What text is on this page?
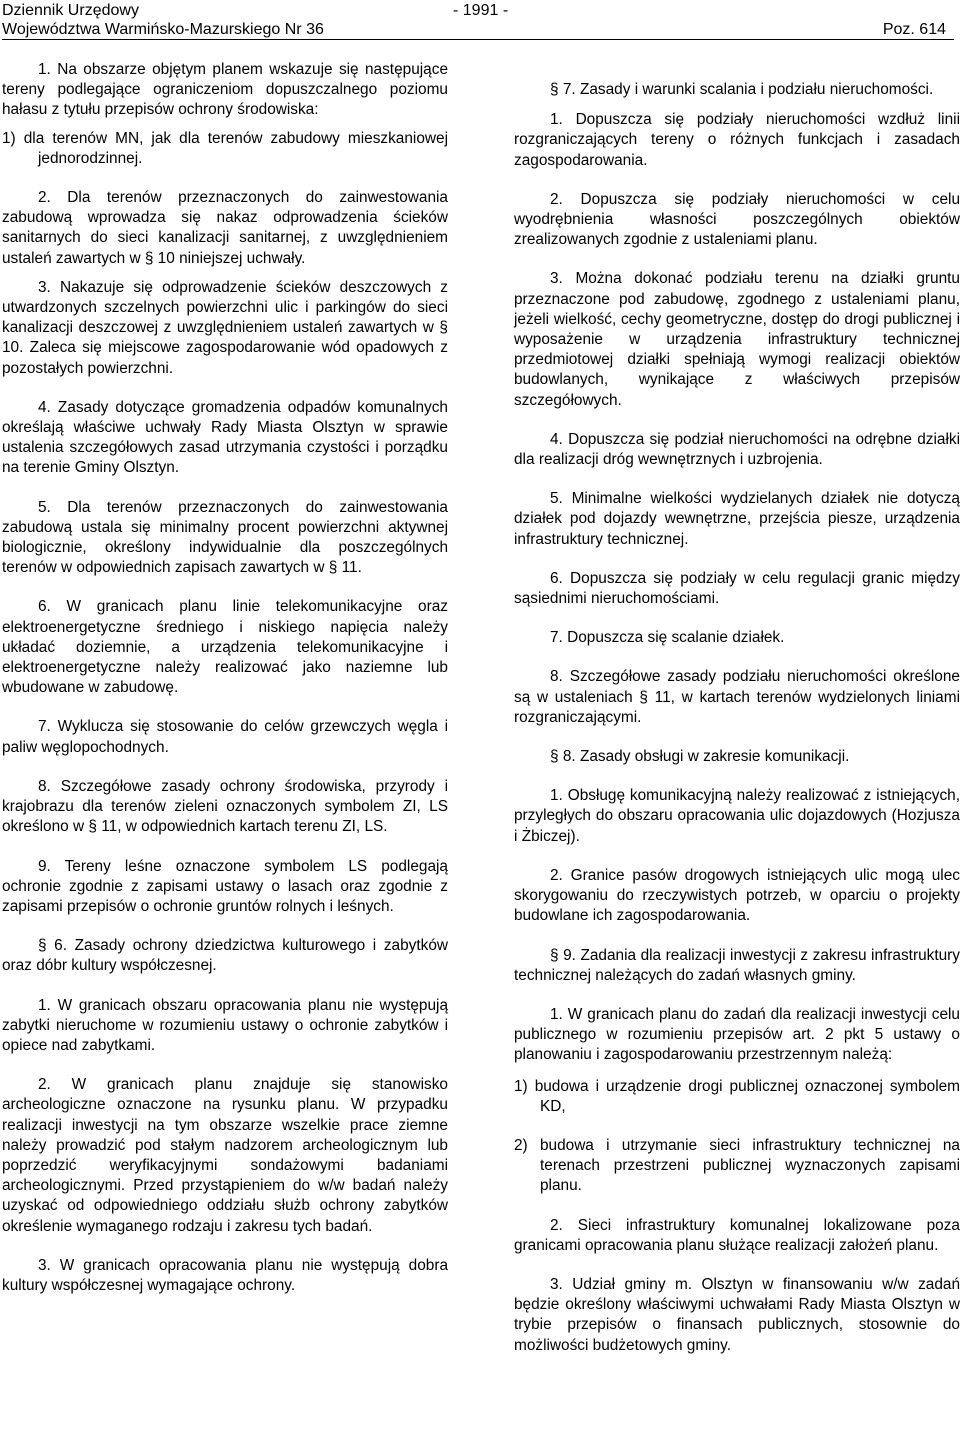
Dziennik Urzędowy	- 1991 -
Województwa Warmińsko-Mazurskiego Nr 36	Poz. 614

1. Na obszarze objętym planem wskazuje się następujące tereny podlegające ograniczeniom dopuszczalnego poziomu hałasu z tytułu przepisów ochrony środowiska:

1) dla terenów MN, jak dla terenów zabudowy mieszkaniowej jednorodzinnej.

2. Dla terenów przeznaczonych do zainwestowania zabudową wprowadza się nakaz odprowadzenia ścieków sanitarnych do sieci kanalizacji sanitarnej, z uwzględnieniem ustaleń zawartych w § 10 niniejszej uchwały.

3. Nakazuje się odprowadzenie ścieków deszczowych z utwardzonych szczelnych powierzchni ulic i parkingów do sieci kanalizacji deszczowej z uwzględnieniem ustaleń zawartych w § 10. Zaleca się miejscowe zagospodarowanie wód opadowych z pozostałych powierzchni.

4. Zasady dotyczące gromadzenia odpadów komunalnych określają właściwe uchwały Rady Miasta Olsztyn w sprawie ustalenia szczegółowych zasad utrzymania czystości i porządku na terenie Gminy Olsztyn.

5. Dla terenów przeznaczonych do zainwestowania zabudową ustala się minimalny procent powierzchni aktywnej biologicznie, określony indywidualnie dla poszczególnych terenów w odpowiednich zapisach zawartych w § 11.

6. W granicach planu linie telekomunikacyjne oraz elektroenergetyczne średniego i niskiego napięcia należy układać doziemnie, a urządzenia telekomunikacyjne i elektroenergetyczne należy realizować jako naziemne lub wbudowane w zabudowę.

7. Wyklucza się stosowanie do celów grzewczych węgla i paliw węglopochodnych.

8. Szczegółowe zasady ochrony środowiska, przyrody i krajobrazu dla terenów zieleni oznaczonych symbolem ZI, LS określono w § 11, w odpowiednich kartach terenu ZI, LS.

9. Tereny leśne oznaczone symbolem LS podlegają ochronie zgodnie z zapisami ustawy o lasach oraz zgodnie z zapisami przepisów o ochronie gruntów rolnych i leśnych.

§ 6. Zasady ochrony dziedzictwa kulturowego i zabytków oraz dóbr kultury współczesnej.

1. W granicach obszaru opracowania planu nie występują zabytki nieruchome w rozumieniu ustawy o ochronie zabytków i opiece nad zabytkami.

2. W granicach planu znajduje się stanowisko archeologiczne oznaczone na rysunku planu. W przypadku realizacji inwestycji na tym obszarze wszelkie prace ziemne należy prowadzić pod stałym nadzorem archeologicznym lub poprzedzić weryfikacyjnymi sondażowymi badaniami archeologicznymi. Przed przystąpieniem do w/w badań należy uzyskać od odpowiedniego oddziału służb ochrony zabytków określenie wymaganego rodzaju i zakresu tych badań.

3. W granicach opracowania planu nie występują dobra kultury współczesnej wymagające ochrony.

§ 7. Zasady i warunki scalania i podziału nieruchomości.

1. Dopuszcza się podziały nieruchomości wzdłuż linii rozgraniczających tereny o różnych funkcjach i zasadach zagospodarowania.

2. Dopuszcza się podziały nieruchomości w celu wyodrębnienia własności poszczególnych obiektów zrealizowanych zgodnie z ustaleniami planu.

3. Można dokonać podziału terenu na działki gruntu przeznaczone pod zabudowę, zgodnego z ustaleniami planu, jeżeli wielkość, cechy geometryczne, dostęp do drogi publicznej i wyposażenie w urządzenia infrastruktury technicznej przedmiotowej działki spełniają wymogi realizacji obiektów budowlanych, wynikające z właściwych przepisów szczegółowych.

4. Dopuszcza się podział nieruchomości na odrębne działki dla realizacji dróg wewnętrznych i uzbrojenia.

5. Minimalne wielkości wydzielanych działek nie dotyczą działek pod dojazdy wewnętrzne, przejścia piesze, urządzenia infrastruktury technicznej.

6. Dopuszcza się podziały w celu regulacji granic między sąsiednimi nieruchomościami.

7. Dopuszcza się scalanie działek.

8. Szczegółowe zasady podziału nieruchomości określone są w ustaleniach § 11, w kartach terenów wydzielonych liniami rozgraniczającymi.

§ 8. Zasady obsługi w zakresie komunikacji.

1. Obsługę komunikacyjną należy realizować z istniejących, przyległych do obszaru opracowania ulic dojazdowych (Hozjusza i Żbiczej).

2. Granice pasów drogowych istniejących ulic mogą ulec skorygowaniu do rzeczywistych potrzeb, w oparciu o projekty budowlane ich zagospodarowania.

§ 9. Zadania dla realizacji inwestycji z zakresu infrastruktury technicznej należących do zadań własnych gminy.

1. W granicach planu do zadań dla realizacji inwestycji celu publicznego w rozumieniu przepisów art. 2 pkt 5 ustawy o planowaniu i zagospodarowaniu przestrzennym należą:

1) budowa i urządzenie drogi publicznej oznaczonej symbolem KD,

2) budowa i utrzymanie sieci infrastruktury technicznej na terenach przestrzeni publicznej wyznaczonych zapisami planu.

2. Sieci infrastruktury komunalnej lokalizowane poza granicami opracowania planu służące realizacji założeń planu.

3. Udział gminy m. Olsztyn w finansowaniu w/w zadań będzie określony właściwymi uchwałami Rady Miasta Olsztyn w trybie przepisów o finansach publicznych, stosownie do możliwości budżetowych gminy.
